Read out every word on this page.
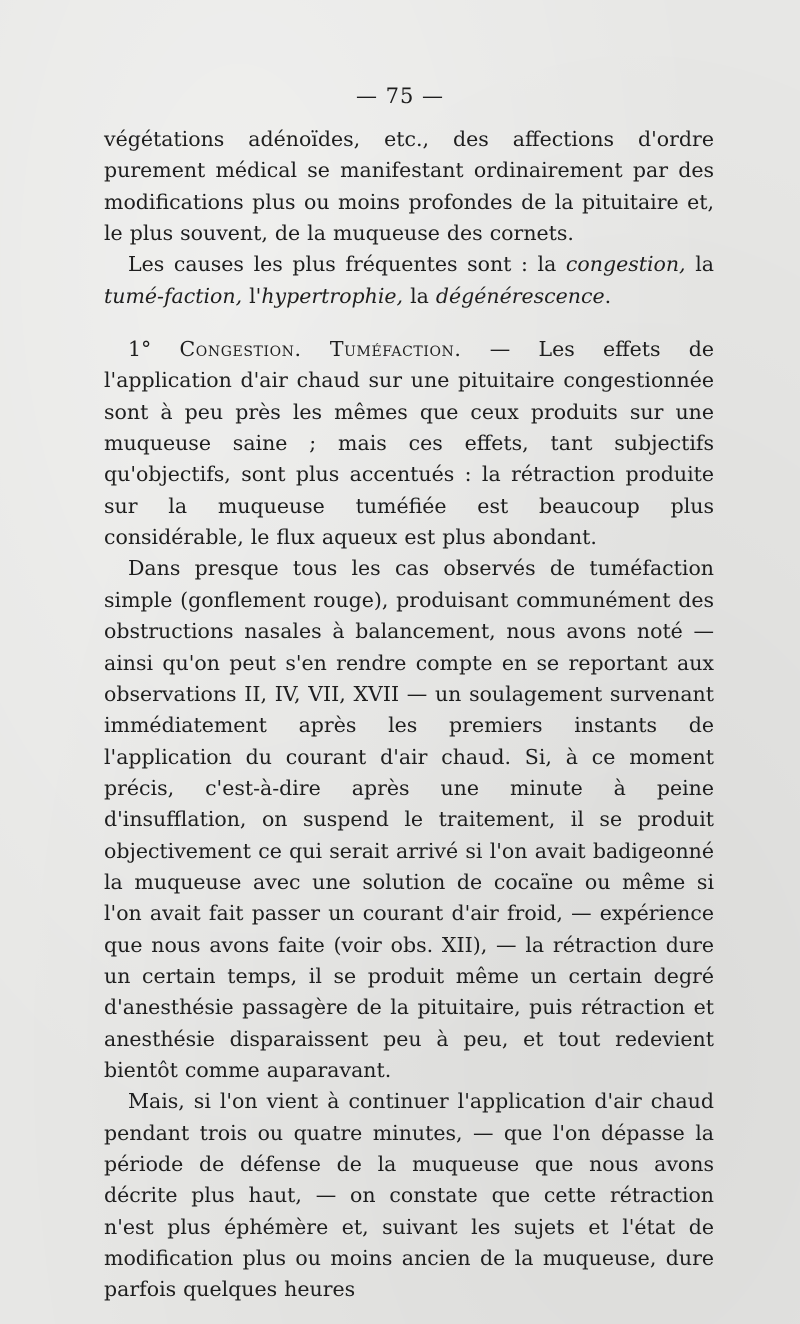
— 75 —

végétations adénoïdes, etc., des affections d'ordre purement médical se manifestant ordinairement par des modifications plus ou moins profondes de la pituitaire et, le plus souvent, de la muqueuse des cornets.

Les causes les plus fréquentes sont : la congestion, la tumé-faction, l'hypertrophie, la dégénérescence.

1° Congestion. Tuméfaction. — Les effets de l'application d'air chaud sur une pituitaire congestionnée sont à peu près les mêmes que ceux produits sur une muqueuse saine ; mais ces effets, tant subjectifs qu'objectifs, sont plus accentués : la rétraction produite sur la muqueuse tuméfiée est beaucoup plus considérable, le flux aqueux est plus abondant.

Dans presque tous les cas observés de tuméfaction simple (gonflement rouge), produisant communément des obstructions nasales à balancement, nous avons noté — ainsi qu'on peut s'en rendre compte en se reportant aux observations II, IV, VII, XVII — un soulagement survenant immédiatement après les premiers instants de l'application du courant d'air chaud. Si, à ce moment précis, c'est-à-dire après une minute à peine d'insufflation, on suspend le traitement, il se produit objectivement ce qui serait arrivé si l'on avait badigeonné la muqueuse avec une solution de cocaïne ou même si l'on avait fait passer un courant d'air froid, — expérience que nous avons faite (voir obs. XII), — la rétraction dure un certain temps, il se produit même un certain degré d'anesthésie passagère de la pituitaire, puis rétraction et anesthésie disparaissent peu à peu, et tout redevient bientôt comme auparavant.

Mais, si l'on vient à continuer l'application d'air chaud pendant trois ou quatre minutes, — que l'on dépasse la période de défense de la muqueuse que nous avons décrite plus haut, — on constate que cette rétraction n'est plus éphémère et, suivant les sujets et l'état de modification plus ou moins ancien de la muqueuse, dure parfois quelques heures
